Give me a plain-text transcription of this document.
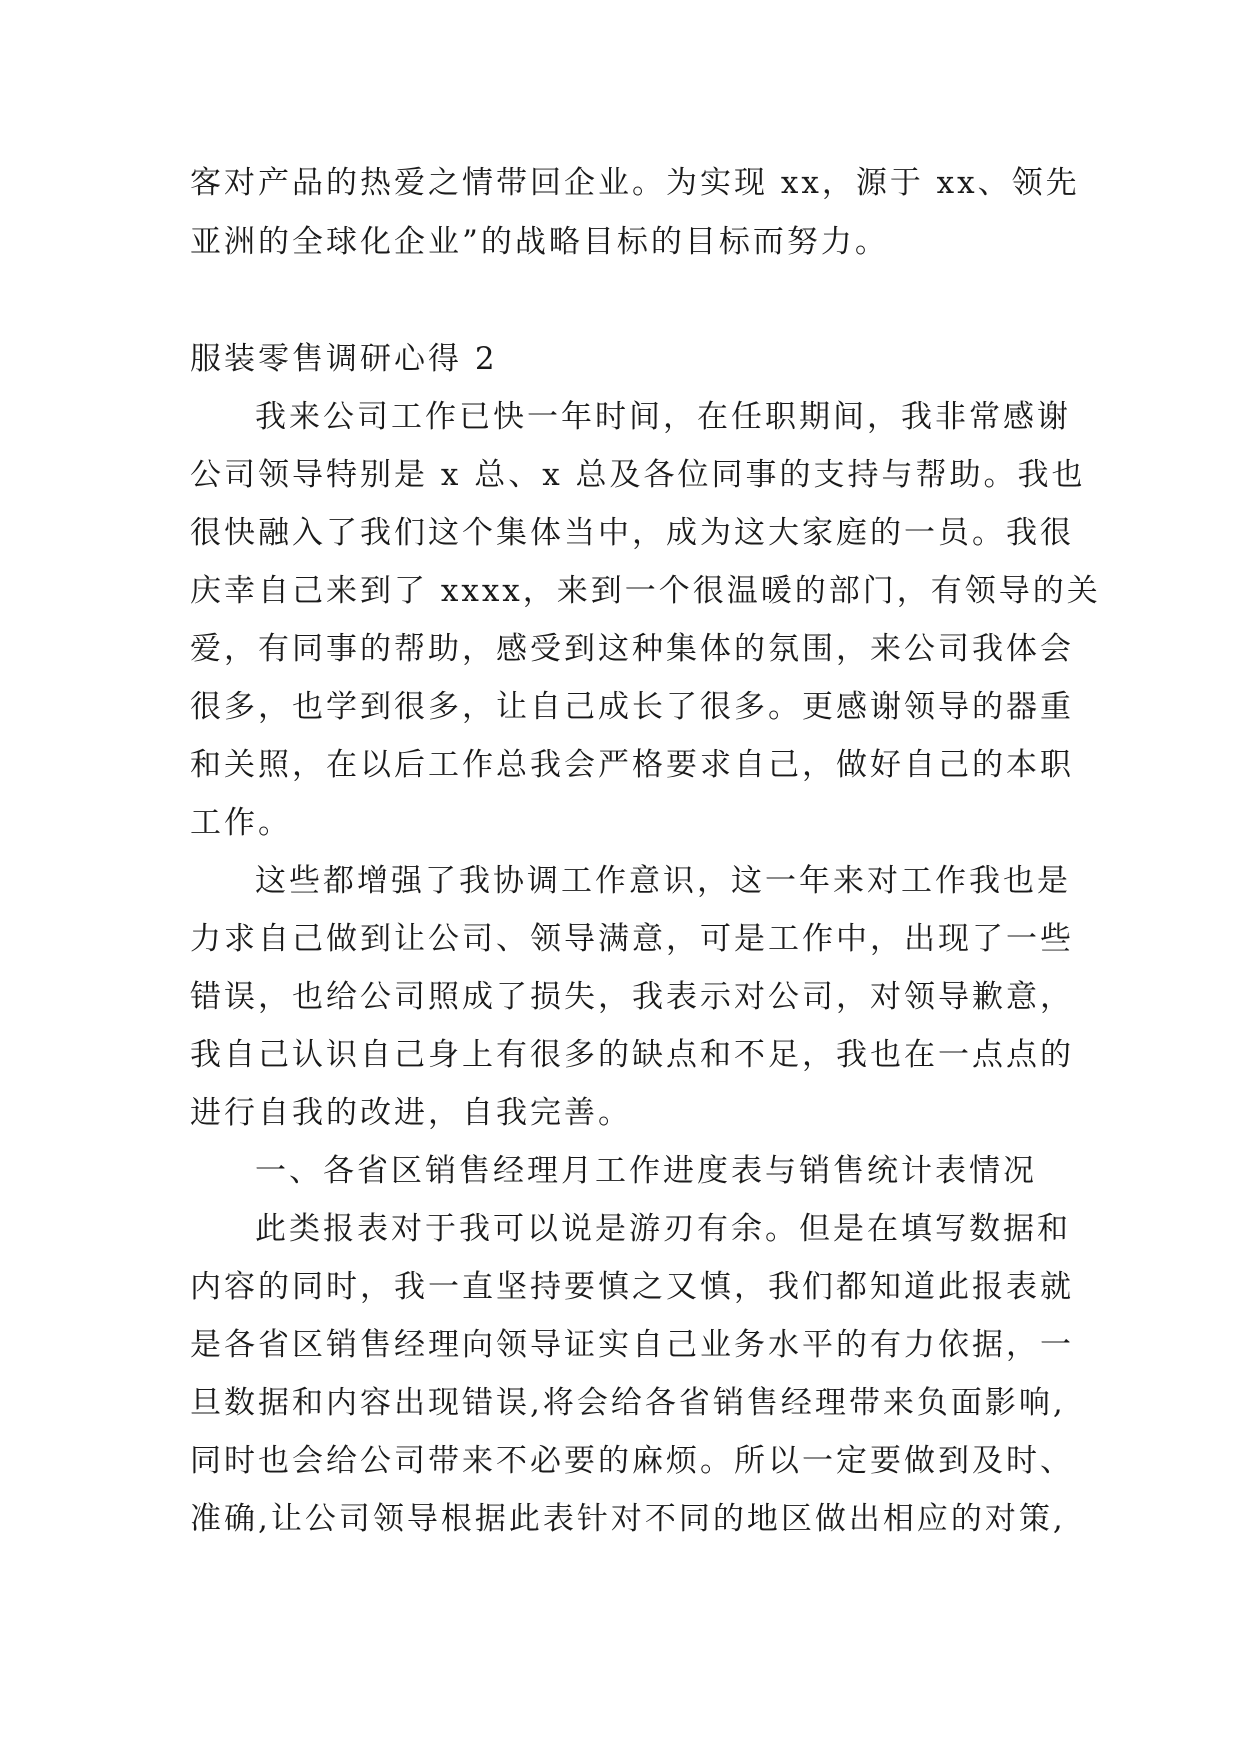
客对产品的热爱之情带回企业。为实现 xx，源于 xx、领先
亚洲的全球化企业”的战略目标的目标而努力。
服装零售调研心得 2
我来公司工作已快一年时间，在任职期间，我非常感谢
公司领导特别是 x 总、x 总及各位同事的支持与帮助。我也
很快融入了我们这个集体当中，成为这大家庭的一员。我很
庆幸自己来到了 xxxx，来到一个很温暖的部门，有领导的关
爱，有同事的帮助，感受到这种集体的氛围，来公司我体会
很多，也学到很多，让自己成长了很多。更感谢领导的器重
和关照，在以后工作总我会严格要求自己，做好自己的本职
工作。
这些都增强了我协调工作意识，这一年来对工作我也是
力求自己做到让公司、领导满意，可是工作中，出现了一些
错误，也给公司照成了损失，我表示对公司，对领导歉意，
我自己认识自己身上有很多的缺点和不足，我也在一点点的
进行自我的改进，自我完善。
一、各省区销售经理月工作进度表与销售统计表情况
此类报表对于我可以说是游刃有余。但是在填写数据和
内容的同时，我一直坚持要慎之又慎，我们都知道此报表就
是各省区销售经理向领导证实自己业务水平的有力依据，一
旦数据和内容出现错误,将会给各省销售经理带来负面影响,
同时也会给公司带来不必要的麻烦。所以一定要做到及时、
准确,让公司领导根据此表针对不同的地区做出相应的对策,
